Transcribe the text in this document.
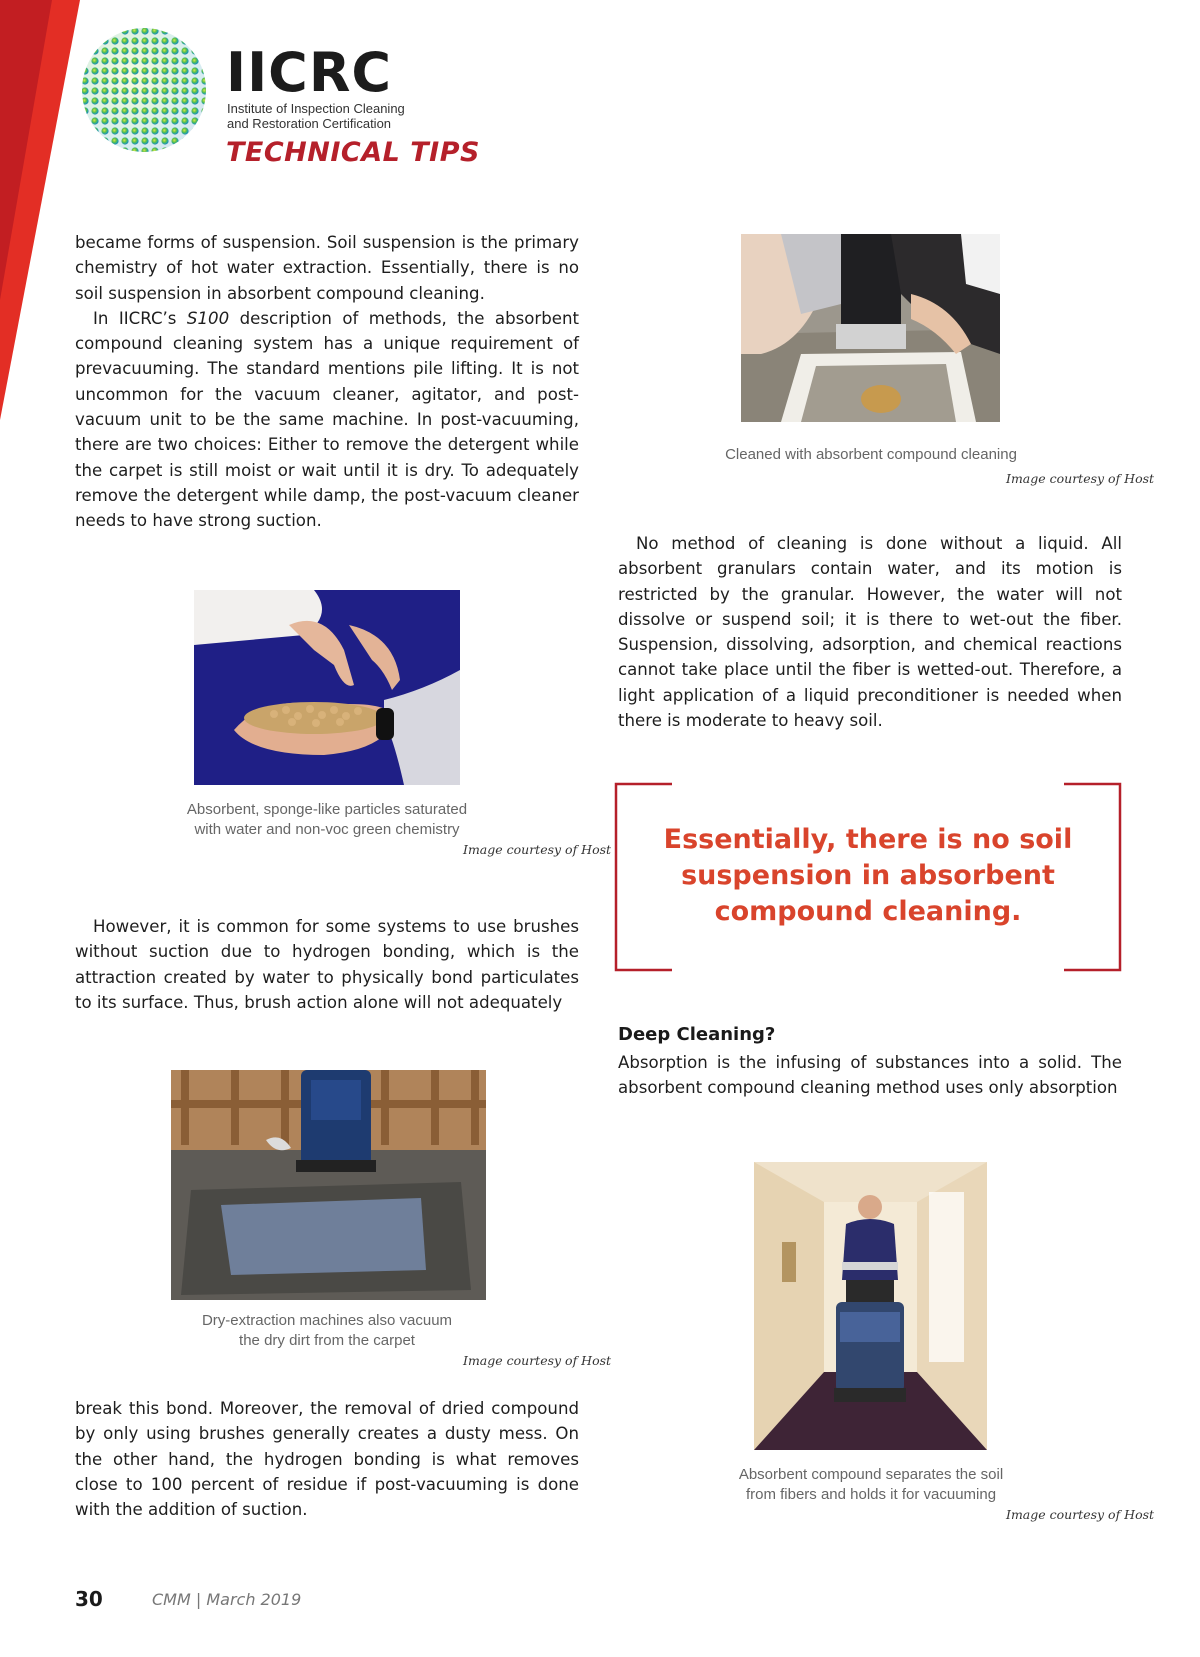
IICRC
Institute of Inspection Cleaning
and Restoration Certification
TECHNICAL TIPS

became forms of suspension. Soil suspension is the primary chemistry of hot water extraction. Essentially, there is no soil suspension in absorbent compound cleaning.

In IICRC’s S100 description of methods, the absorbent compound cleaning system has a unique requirement of prevacuuming. The standard mentions pile lifting. It is not uncommon for the vacuum cleaner, agitator, and post-vacuum unit to be the same machine. In post-vacuuming, there are two choices: Either to remove the detergent while the carpet is still moist or wait until it is dry. To adequately remove the detergent while damp, the post-vacuum cleaner needs to have strong suction.

Absorbent, sponge-like particles saturated
with water and non-voc green chemistry
Image courtesy of Host

However, it is common for some systems to use brushes without suction due to hydrogen bonding, which is the attraction created by water to physically bond particulates to its surface. Thus, brush action alone will not adequately

Dry-extraction machines also vacuum
the dry dirt from the carpet
Image courtesy of Host

break this bond. Moreover, the removal of dried compound by only using brushes generally creates a dusty mess. On the other hand, the hydrogen bonding is what removes close to 100 percent of residue if post-vacuuming is done with the addition of suction.

Cleaned with absorbent compound cleaning
Image courtesy of Host

No method of cleaning is done without a liquid. All absorbent granulars contain water, and its motion is restricted by the granular. However, the water will not dissolve or suspend soil; it is there to wet-out the fiber. Suspension, dissolving, adsorption, and chemical reactions cannot take place until the fiber is wetted-out. Therefore, a light application of a liquid preconditioner is needed when there is moderate to heavy soil.

Essentially, there is no soil suspension in absorbent compound cleaning.
Deep Cleaning?

Absorption is the infusing of substances into a solid. The absorbent compound cleaning method uses only absorption

Absorbent compound separates the soil
from fibers and holds it for vacuuming
Image courtesy of Host
30	CMM | March 2019
